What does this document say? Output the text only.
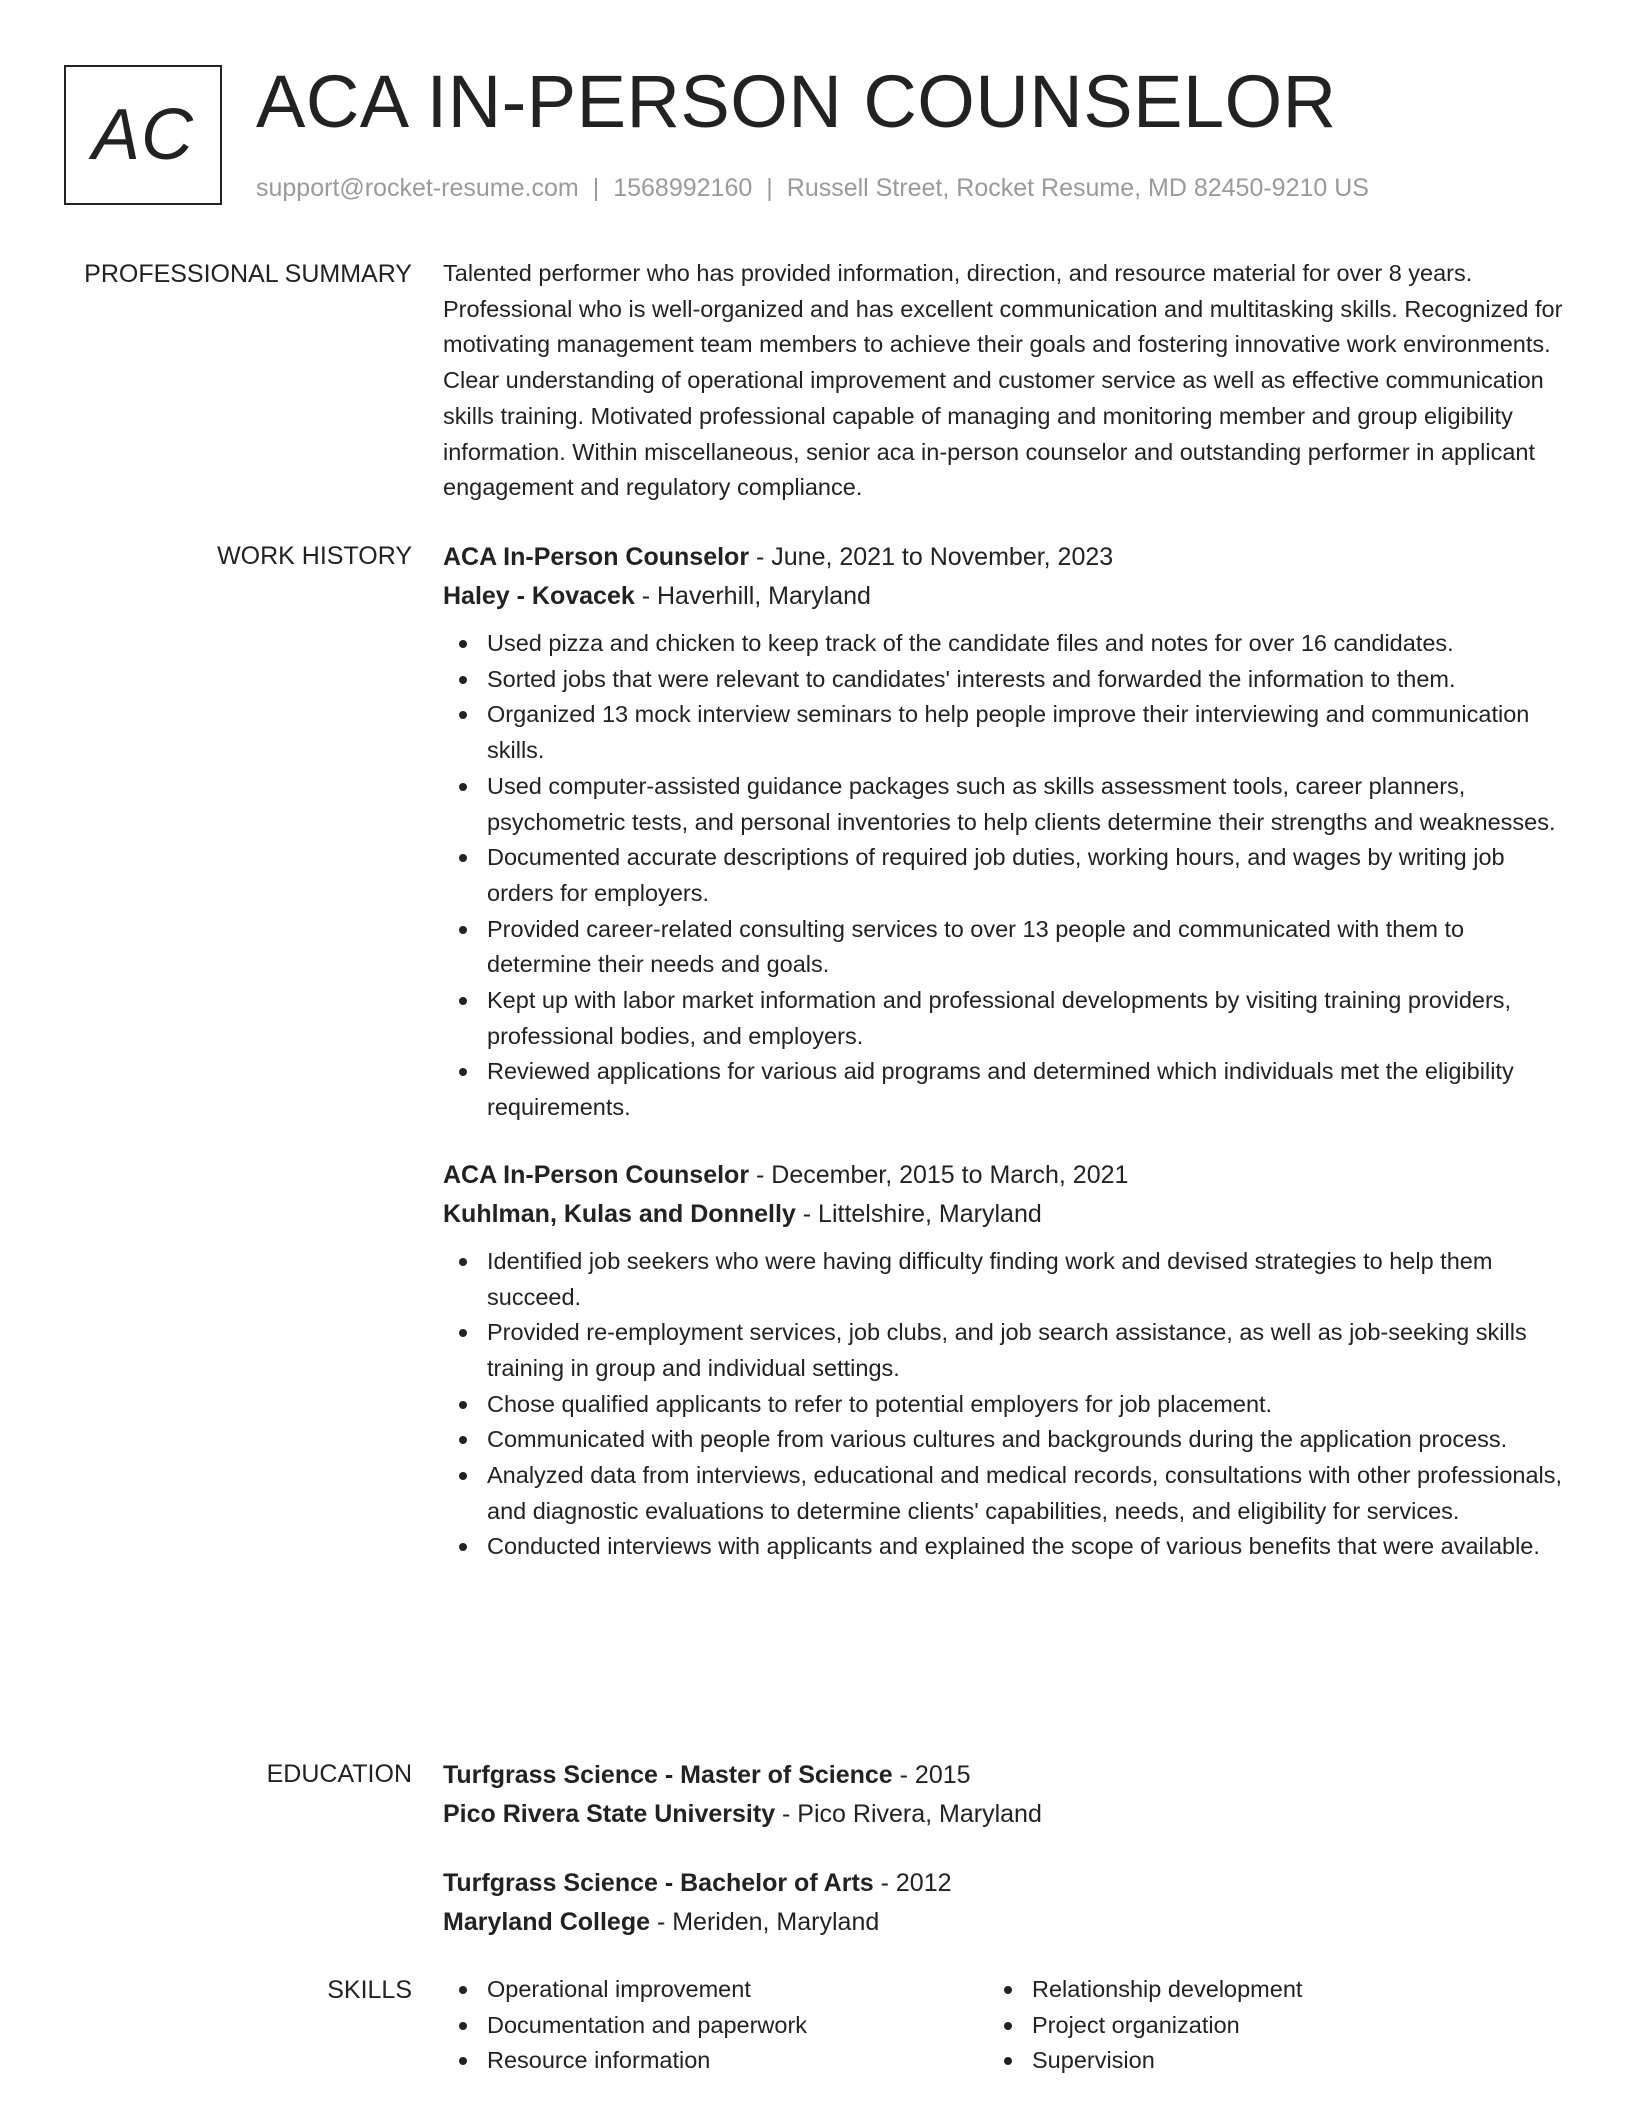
AC ACA IN-PERSON COUNSELOR
support@rocket-resume.com | 1568992160 | Russell Street, Rocket Resume, MD 82450-9210 US
PROFESSIONAL SUMMARY Talented performer who has provided information, direction, and resource material for over 8 years. Professional who is well-organized and has excellent communication and multitasking skills. Recognized for motivating management team members to achieve their goals and fostering innovative work environments. Clear understanding of operational improvement and customer service as well as effective communication skills training. Motivated professional capable of managing and monitoring member and group eligibility information. Within miscellaneous, senior aca in-person counselor and outstanding performer in applicant engagement and regulatory compliance.

WORK HISTORY ACA In-Person Counselor - June, 2021 to November, 2023
Haley - Kovacek - Haverhill, Maryland
Used pizza and chicken to keep track of the candidate files and notes for over 16 candidates.
Sorted jobs that were relevant to candidates' interests and forwarded the information to them.
Organized 13 mock interview seminars to help people improve their interviewing and communication skills.
Used computer-assisted guidance packages such as skills assessment tools, career planners, psychometric tests, and personal inventories to help clients determine their strengths and weaknesses.
Documented accurate descriptions of required job duties, working hours, and wages by writing job orders for employers.
Provided career-related consulting services to over 13 people and communicated with them to determine their needs and goals.
Kept up with labor market information and professional developments by visiting training providers, professional bodies, and employers.
Reviewed applications for various aid programs and determined which individuals met the eligibility requirements.
ACA In-Person Counselor - December, 2015 to March, 2021
Kuhlman, Kulas and Donnelly - Littelshire, Maryland
Identified job seekers who were having difficulty finding work and devised strategies to help them succeed.
Provided re-employment services, job clubs, and job search assistance, as well as job-seeking skills training in group and individual settings.
Chose qualified applicants to refer to potential employers for job placement.
Communicated with people from various cultures and backgrounds during the application process.
Analyzed data from interviews, educational and medical records, consultations with other professionals, and diagnostic evaluations to determine clients' capabilities, needs, and eligibility for services.
Conducted interviews with applicants and explained the scope of various benefits that were available.
EDUCATION Turfgrass Science - Master of Science - 2015
Pico Rivera State University - Pico Rivera, Maryland
Turfgrass Science - Bachelor of Arts - 2012
Maryland College - Meriden, Maryland
SKILLS	Operational improvement
Documentation and paperwork
Resource information
Relationship development
Project organization
Supervision
